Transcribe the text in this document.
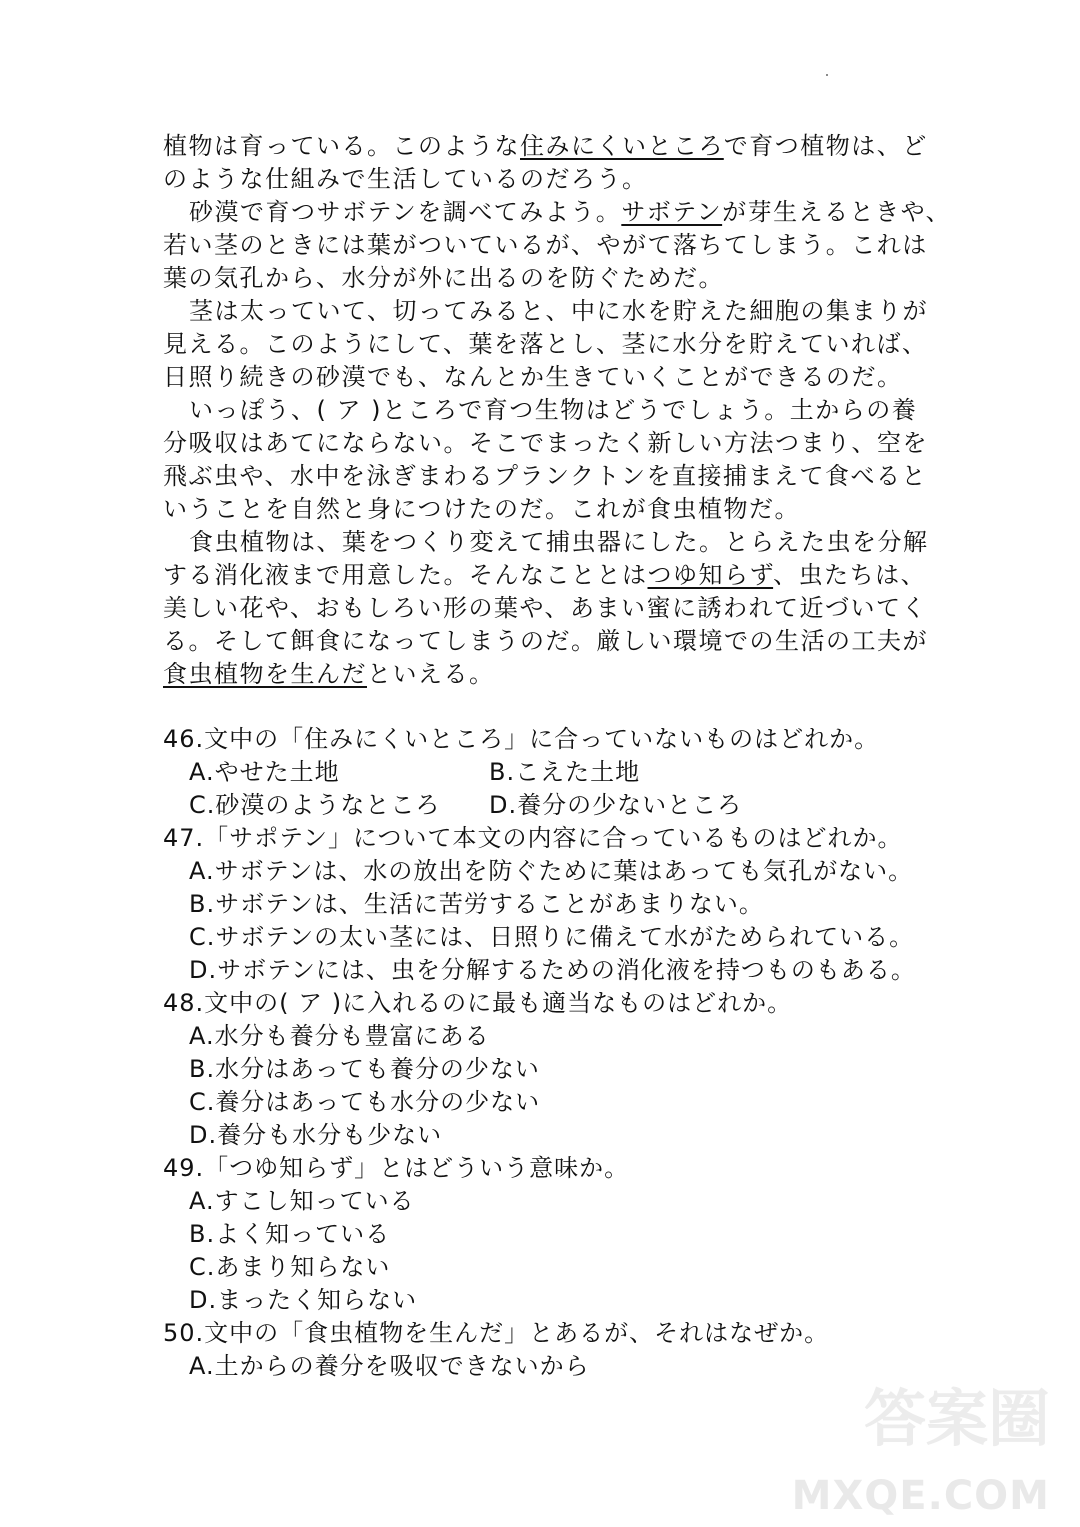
植物は育っている。このような住みにくいところで育つ植物は、ど
のような仕組みで生活しているのだろう。
砂漠で育つサボテンを調べてみよう。サボテンが芽生えるときや、
若い茎のときには葉がついているが、やがて落ちてしまう。これは
葉の気孔から、水分が外に出るのを防ぐためだ。
茎は太っていて、切ってみると、中に水を貯えた細胞の集まりが
見える。このようにして、葉を落とし、茎に水分を貯えていれば、
日照り続きの砂漠でも、なんとか生きていくことができるのだ。
いっぽう、( ア )ところで育つ生物はどうでしょう。土からの養
分吸収はあてにならない。そこでまったく新しい方法つまり、空を
飛ぶ虫や、水中を泳ぎまわるプランクトンを直接捕まえて食べると
いうことを自然と身につけたのだ。これが食虫植物だ。
食虫植物は、葉をつくり変えて捕虫器にした。とらえた虫を分解
する消化液まで用意した。そんなこととはつゆ知らず、虫たちは、
美しい花や、おもしろい形の葉や、あまい蜜に誘われて近づいてく
る。そして餌食になってしまうのだ。厳しい環境での生活の工夫が
食虫植物を生んだといえる。
46.文中の「住みにくいところ」に合っていないものはどれか。
A.やせた土地	B.こえた土地
C.砂漠のようなところ	D.養分の少ないところ
47.「サポテン」について本文の内容に合っているものはどれか。
A.サボテンは、水の放出を防ぐために葉はあっても気孔がない。
B.サボテンは、生活に苦労することがあまりない。
C.サボテンの太い茎には、日照りに備えて水がためられている。
D.サボテンには、虫を分解するための消化液を持つものもある。
48.文中の( ア )に入れるのに最も適当なものはどれか。
A.水分も養分も豊富にある
B.水分はあっても養分の少ない
C.養分はあっても水分の少ない
D.養分も水分も少ない
49.「つゆ知らず」とはどういう意味か。
A.すこし知っている
B.よく知っている
C.あまり知らない
D.まったく知らない
50.文中の「食虫植物を生んだ」とあるが、それはなぜか。
A.土からの養分を吸収できないから
答案圈
MXQE.COM
